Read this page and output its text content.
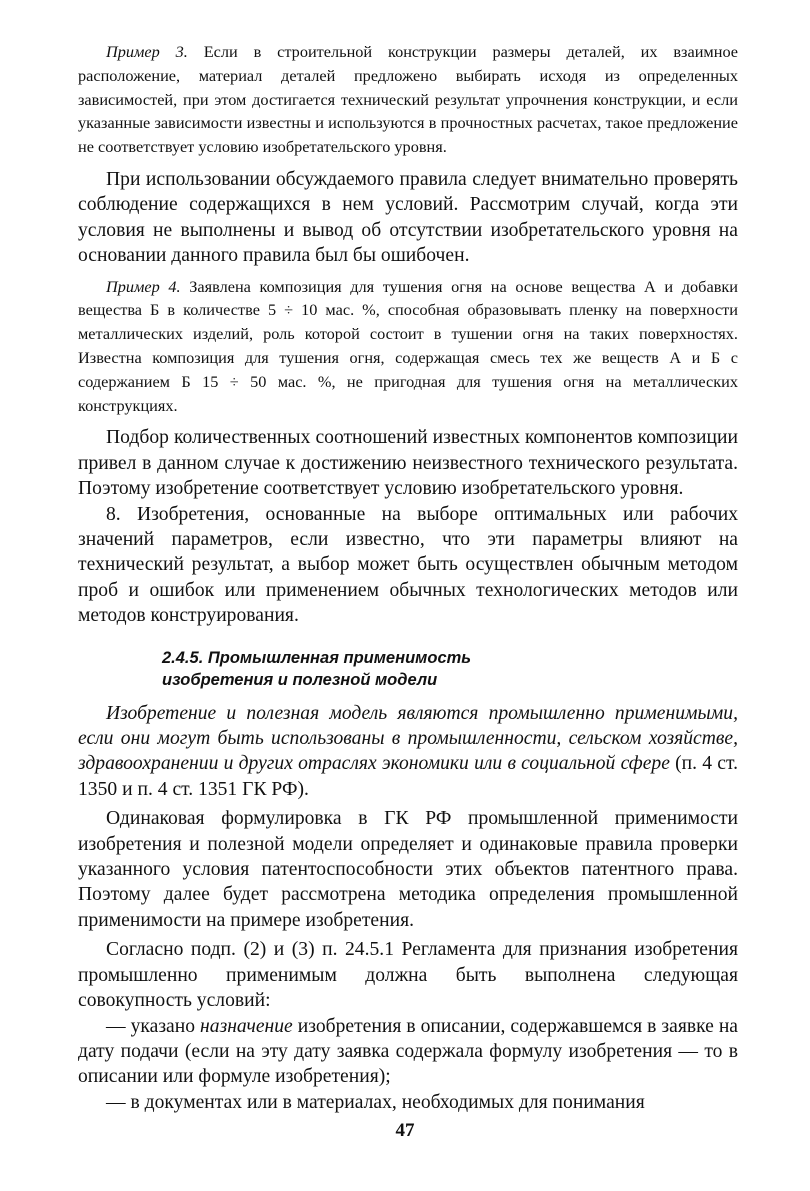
Пример 3. Если в строительной конструкции размеры деталей, их взаимное расположение, материал деталей предложено выбирать исходя из определенных зависимостей, при этом достигается технический результат упрочнения конструкции, и если указанные зависимости известны и используются в прочностных расчетах, такое предложение не соответствует условию изобретательского уровня.

При использовании обсуждаемого правила следует внимательно проверять соблюдение содержащихся в нем условий. Рассмотрим случай, когда эти условия не выполнены и вывод об отсутствии изобретательского уровня на основании данного правила был бы ошибочен.

Пример 4. Заявлена композиция для тушения огня на основе вещества А и добавки вещества Б в количестве 5 ÷ 10 мас. %, способная образовывать пленку на поверхности металлических изделий, роль которой состоит в тушении огня на таких поверхностях. Известна композиция для тушения огня, содержащая смесь тех же веществ А и Б с содержанием Б 15 ÷ 50 мас. %, не пригодная для тушения огня на металлических конструкциях.

Подбор количественных соотношений известных компонентов композиции привел в данном случае к достижению неизвестного технического результата. Поэтому изобретение соответствует условию изобретательского уровня.

8. Изобретения, основанные на выборе оптимальных или рабочих значений параметров, если известно, что эти параметры влияют на технический результат, а выбор может быть осуществлен обычным методом проб и ошибок или применением обычных технологических методов или методов конструирования.

2.4.5. Промышленная применимость
изобретения и полезной модели

Изобретение и полезная модель являются промышленно применимыми, если они могут быть использованы в промышленности, сельском хозяйстве, здравоохранении и других отраслях экономики или в социальной сфере (п. 4 ст. 1350 и п. 4 ст. 1351 ГК РФ).

Одинаковая формулировка в ГК РФ промышленной применимости изобретения и полезной модели определяет и одинаковые правила проверки указанного условия патентоспособности этих объектов патентного права. Поэтому далее будет рассмотрена методика определения промышленной применимости на примере изобретения.

Согласно подп. (2) и (3) п. 24.5.1 Регламента для признания изобретения промышленно применимым должна быть выполнена следующая совокупность условий:

— указано назначение изобретения в описании, содержавшемся в заявке на дату подачи (если на эту дату заявка содержала формулу изобретения — то в описании или формуле изобретения);

— в документах или в материалах, необходимых для понимания

47
